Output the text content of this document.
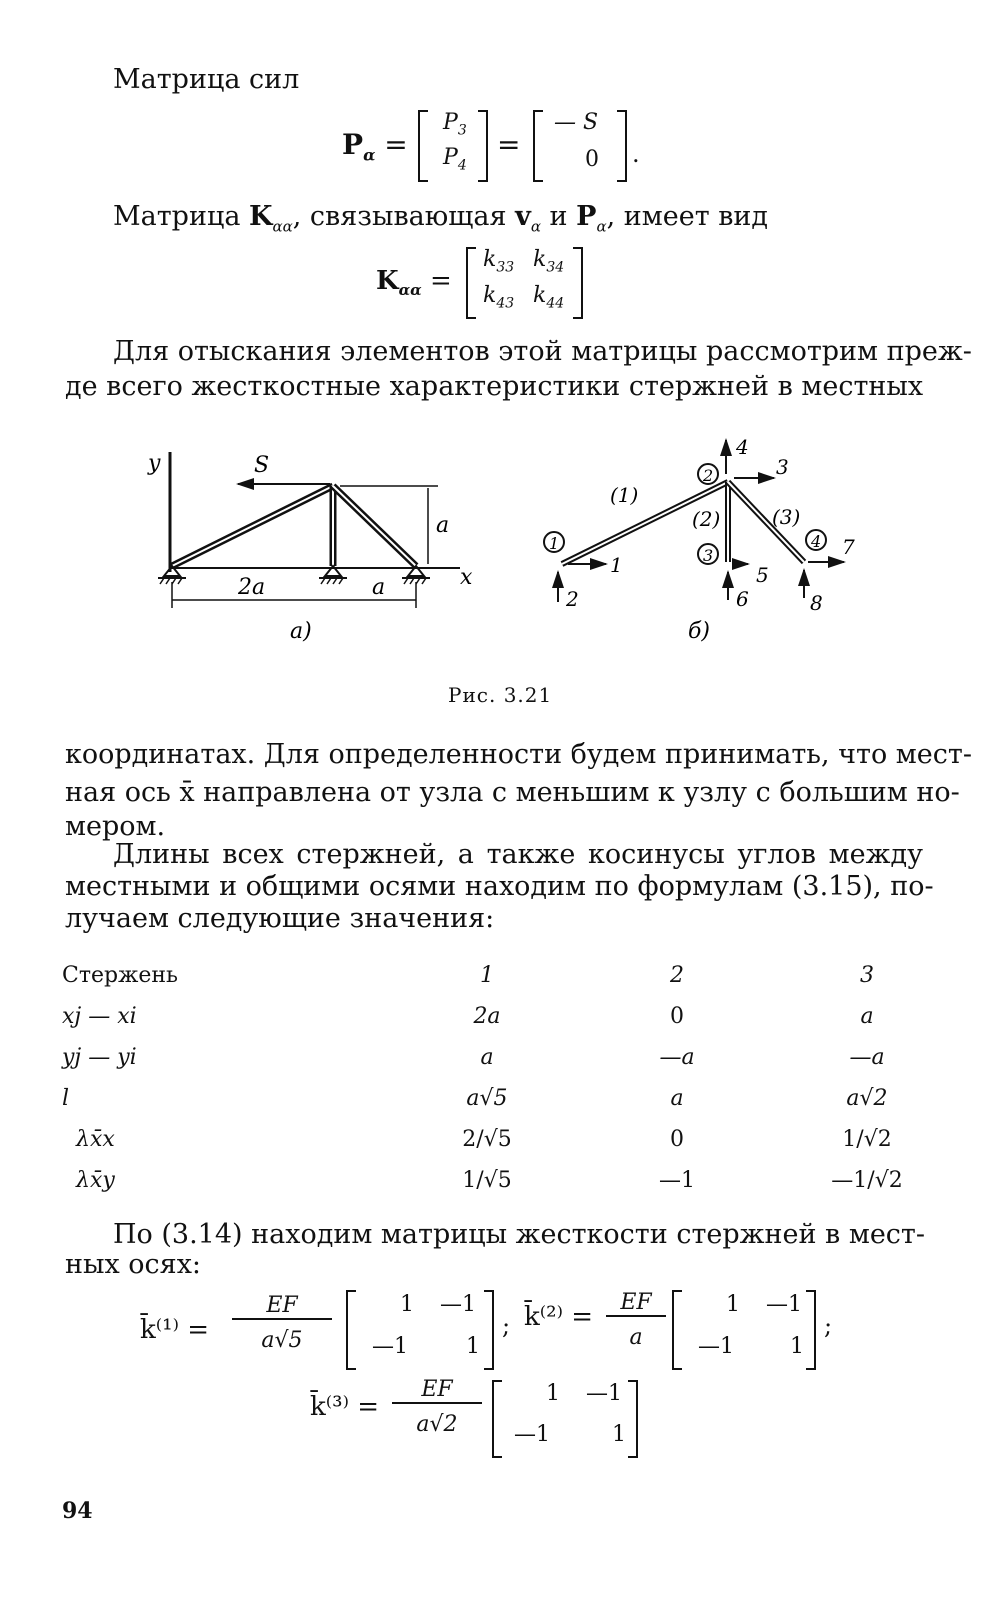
Матрица сил
$P_\alpha$ =
$P_3$
$P_4$
=
— S
0 .
Матрица $K_{\alpha\alpha}$, связывающая $v_\alpha$ и $P_\alpha$, имеет вид
$K_{\alpha\alpha}$ =
$k_{33}$ $k_{34}$
$k_{43}$ $k_{44}$
Для отыскания элементов этой матрицы рассмотрим преж-
де всего жесткостные характеристики стержней в местных
y
x
S
a
2a	a
а)
1
2
3
4
(1)
(2)	(3)
1
2
3
4
5
6
7
8
б)
Рис. 3.21
координатах. Для определенности будем принимать, что мест-
ная ось x̄ направлена от узла с меньшим к узлу с большим но-
мером.
Длины всех стержней, а также косинусы углов между
местными и общими осями находим по формулам (3.15), по-
лучаем следующие значения:
Стержень	1	2	3
xj — xi	2a	0	a
yj — yi	a	—a	—a
l	a√5	a	a√2
λx̄x	2/√5	0	1/√2
λx̄y	1/√5	—1	—1/√2
По (3.14) находим матрицы жесткости стержней в мест-
ных осях:
k̄⁽¹⁾ = $\frac{EF}{a√5}$	1 —1
—1	1
; k̄⁽²⁾ = $\frac{EF}{a}$	1 —1
—1	1
;
k̄⁽³⁾ = $\frac{EF}{a√2}$	1 —1
—1	1
94
